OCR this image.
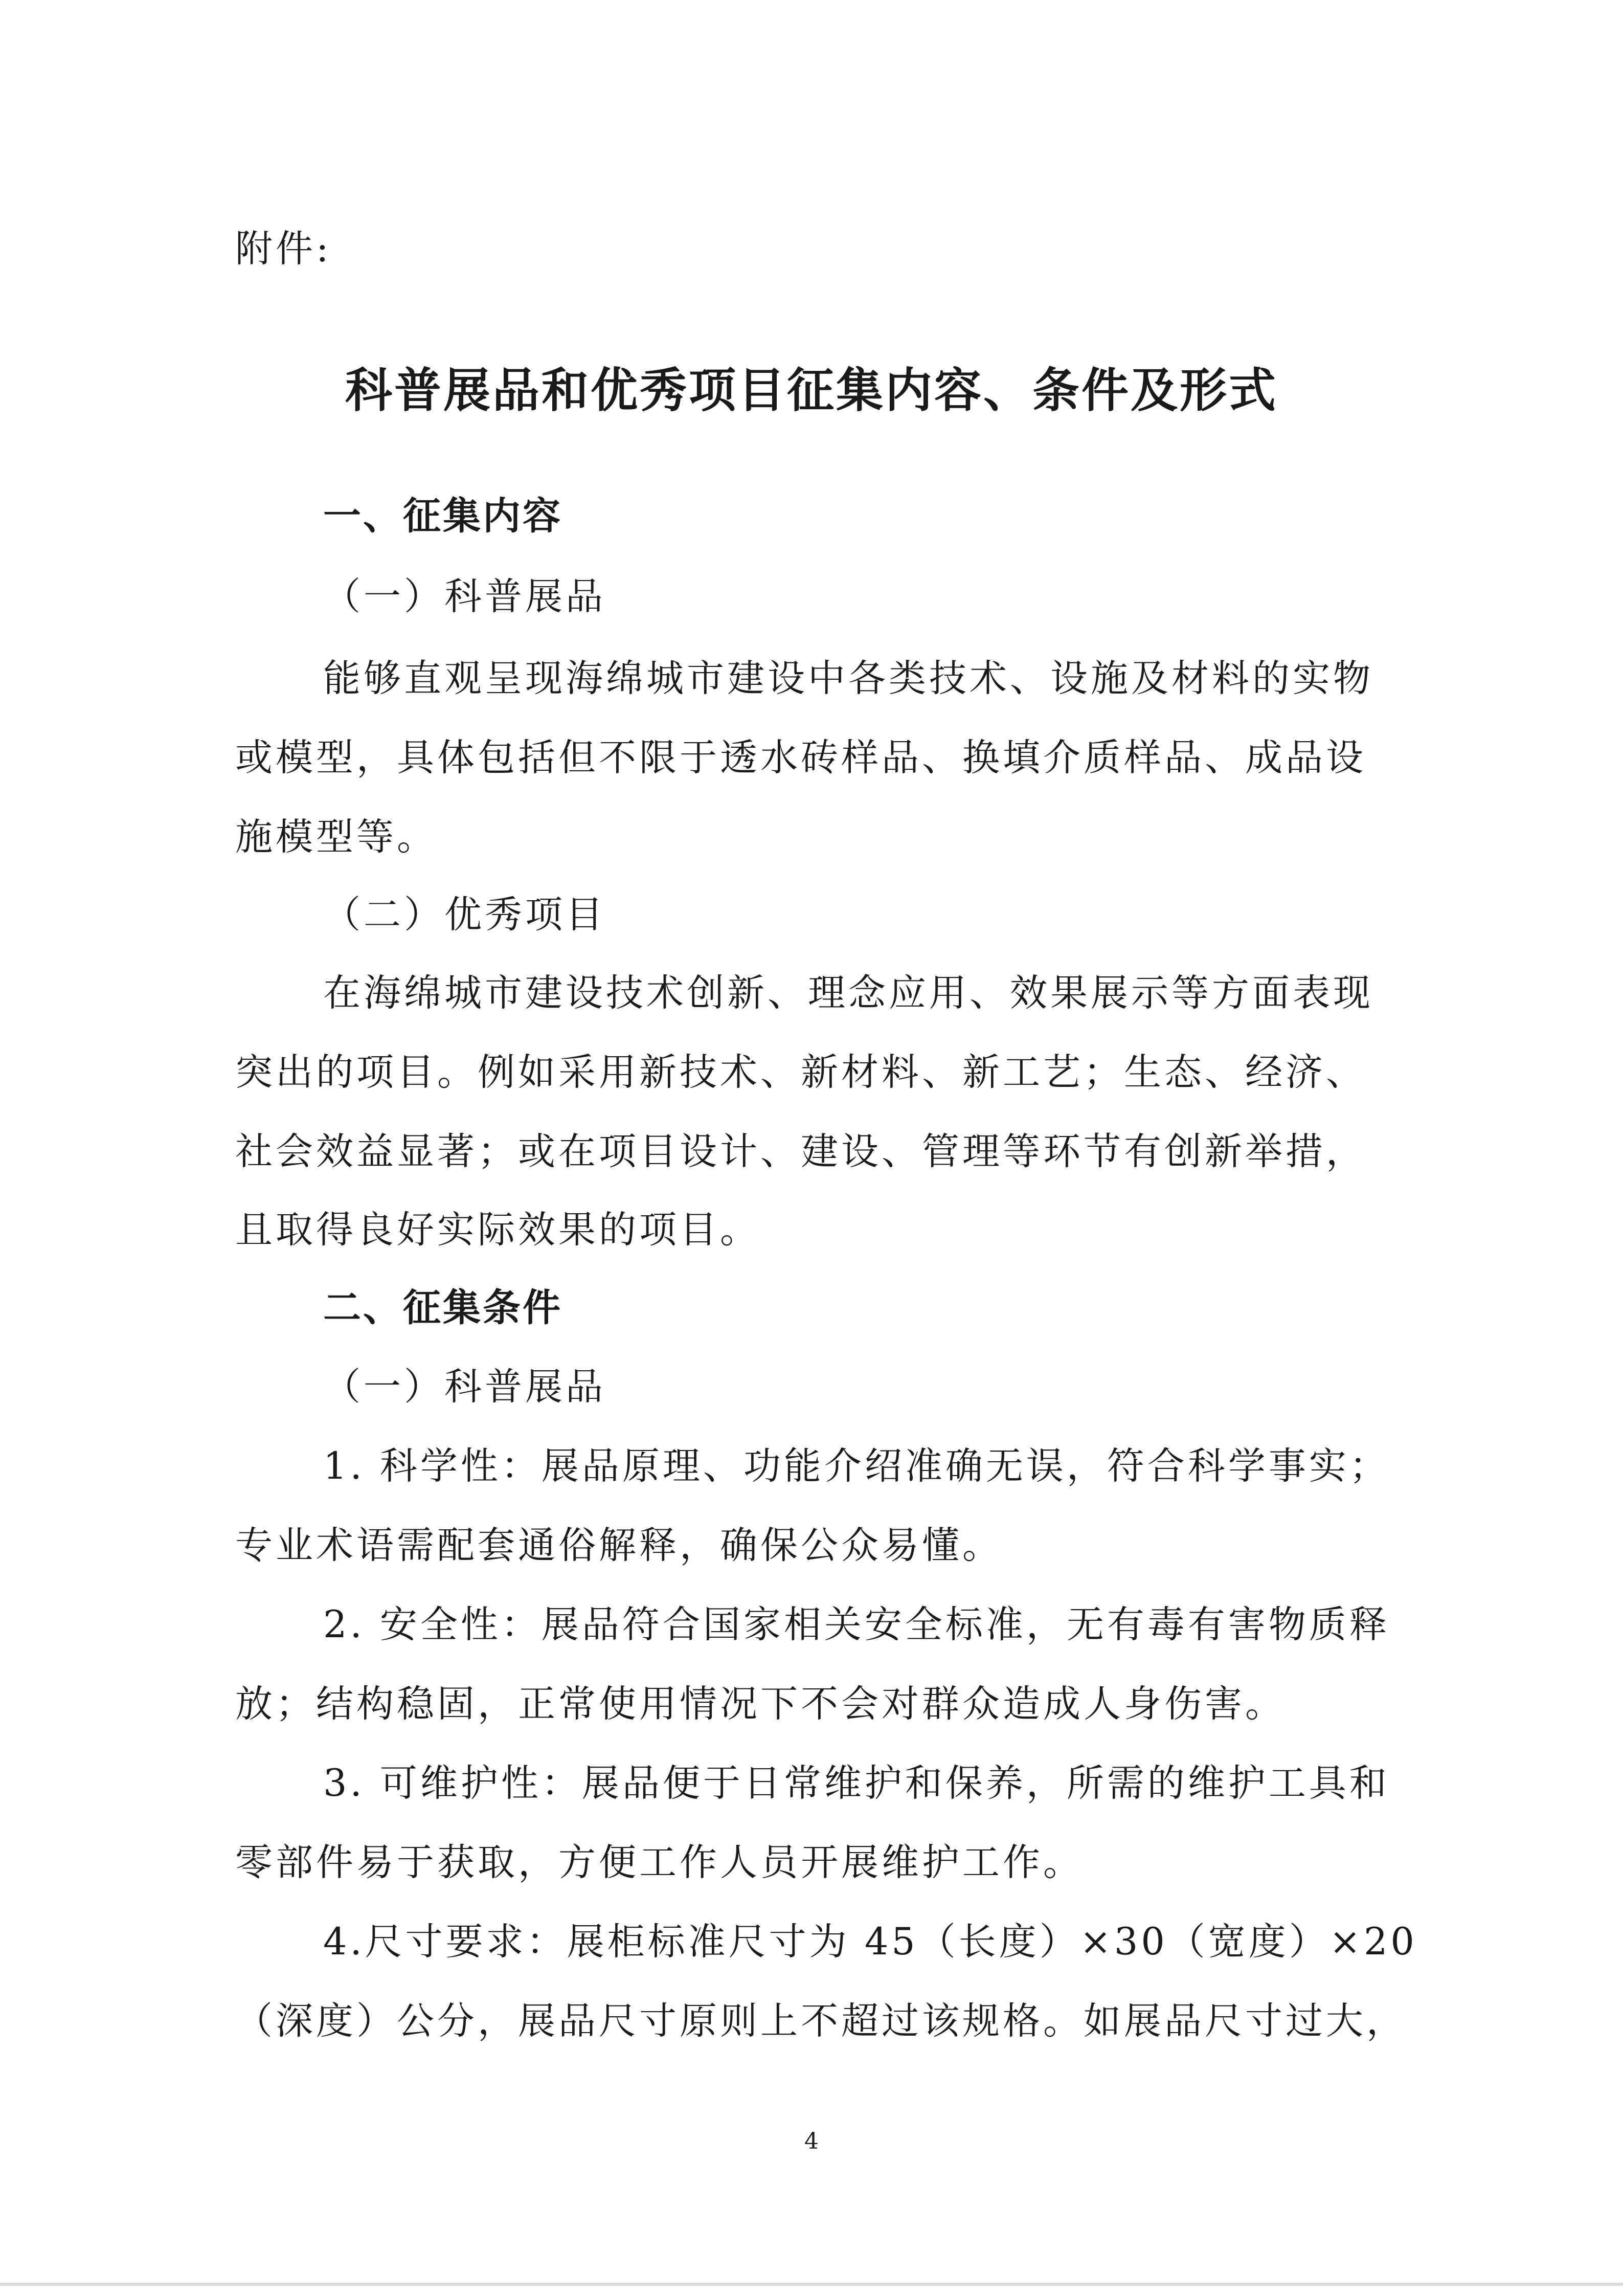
附件:
科普展品和优秀项目征集内容、条件及形式
一、征集内容
（一）科普展品
能够直观呈现海绵城市建设中各类技术、设施及材料的实物
或模型，具体包括但不限于透水砖样品、换填介质样品、成品设
施模型等。
（二）优秀项目
在海绵城市建设技术创新、理念应用、效果展示等方面表现
突出的项目。例如采用新技术、新材料、新工艺；生态、经济、
社会效益显著；或在项目设计、建设、管理等环节有创新举措，
且取得良好实际效果的项目。
二、征集条件
（一）科普展品
1. 科学性：展品原理、功能介绍准确无误，符合科学事实；
专业术语需配套通俗解释，确保公众易懂。
2. 安全性：展品符合国家相关安全标准，无有毒有害物质释
放；结构稳固，正常使用情况下不会对群众造成人身伤害。
3. 可维护性：展品便于日常维护和保养，所需的维护工具和
零部件易于获取，方便工作人员开展维护工作。
4.尺寸要求：展柜标准尺寸为 45（长度）×30（宽度）×20
（深度）公分，展品尺寸原则上不超过该规格。如展品尺寸过大，
4
